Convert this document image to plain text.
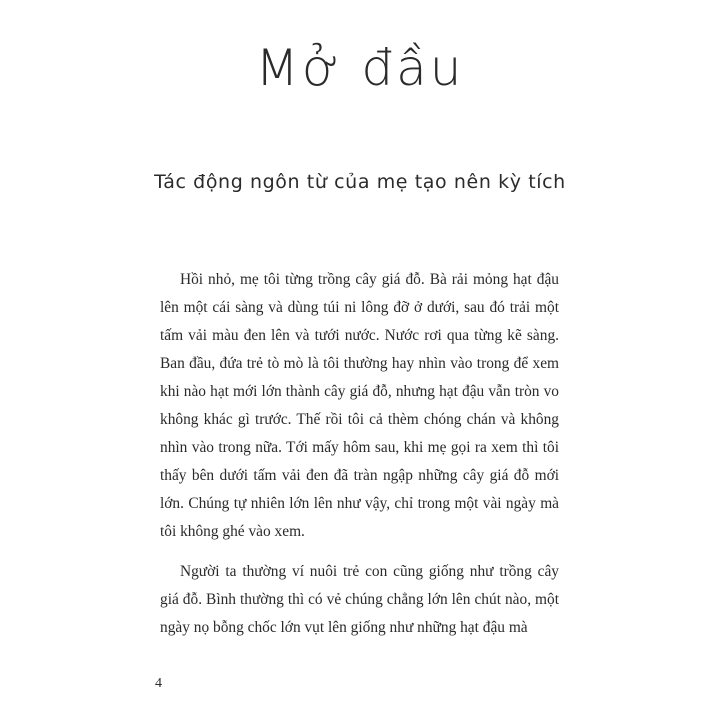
Mở đầu
Tác động ngôn từ của mẹ tạo nên kỳ tích

Hồi nhỏ, mẹ tôi từng trồng cây giá đỗ. Bà rải mỏng hạt đậu lên một cái sàng và dùng túi ni lông đỡ ở dưới, sau đó trải một tấm vải màu đen lên và tưới nước. Nước rơi qua từng kẽ sàng. Ban đầu, đứa trẻ tò mò là tôi thường hay nhìn vào trong để xem khi nào hạt mới lớn thành cây giá đỗ, nhưng hạt đậu vẫn tròn vo không khác gì trước. Thế rồi tôi cả thèm chóng chán và không nhìn vào trong nữa. Tới mấy hôm sau, khi mẹ gọi ra xem thì tôi thấy bên dưới tấm vải đen đã tràn ngập những cây giá đỗ mới lớn. Chúng tự nhiên lớn lên như vậy, chỉ trong một vài ngày mà tôi không ghé vào xem.

Người ta thường ví nuôi trẻ con cũng giống như trồng cây giá đỗ. Bình thường thì có vẻ chúng chẳng lớn lên chút nào, một ngày nọ bỗng chốc lớn vụt lên giống như những hạt đậu mà

4
